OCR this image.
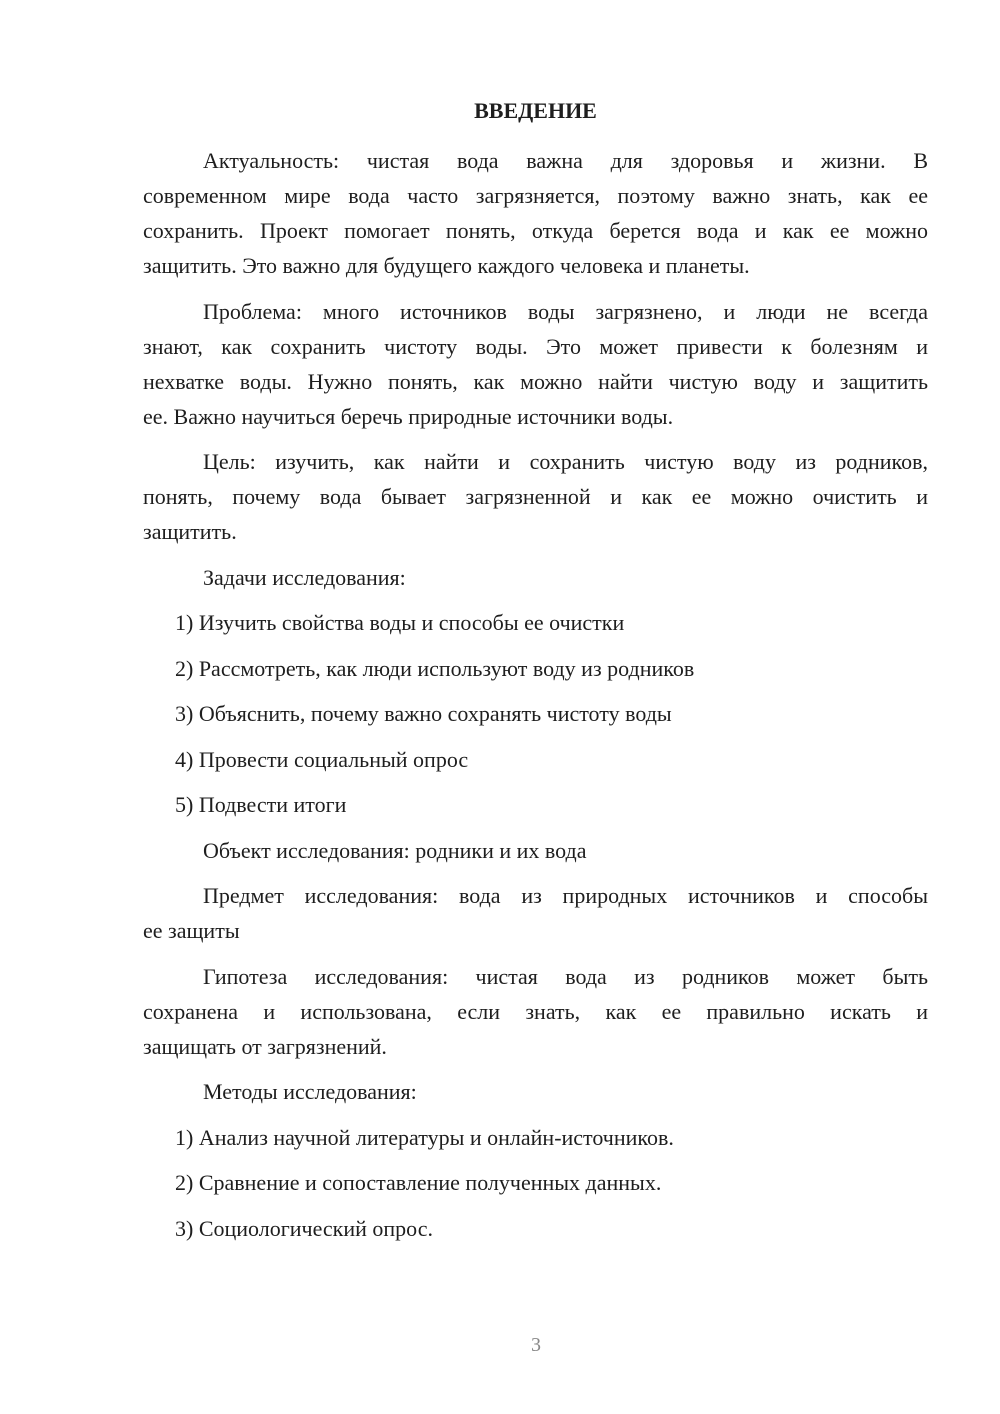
ВВЕДЕНИЕ
Актуальность: чистая вода важна для здоровья и жизни. В
современном мире вода часто загрязняется, поэтому важно знать, как ее
сохранить. Проект помогает понять, откуда берется вода и как ее можно
защитить. Это важно для будущего каждого человека и планеты.
Проблема: много источников воды загрязнено, и люди не всегда
знают, как сохранить чистоту воды. Это может привести к болезням и
нехватке воды. Нужно понять, как можно найти чистую воду и защитить
ее. Важно научиться беречь природные источники воды.
Цель: изучить, как найти и сохранить чистую воду из родников,
понять, почему вода бывает загрязненной и как ее можно очистить и
защитить.
Задачи исследования:
1) Изучить свойства воды и способы ее очистки
2) Рассмотреть, как люди используют воду из родников
3) Объяснить, почему важно сохранять чистоту воды
4) Провести социальный опрос
5) Подвести итоги
Объект исследования: родники и их вода
Предмет исследования: вода из природных источников и способы
ее защиты
Гипотеза исследования: чистая вода из родников может быть
сохранена и использована, если знать, как ее правильно искать и
защищать от загрязнений.
Методы исследования:
1) Анализ научной литературы и онлайн-источников.
2) Сравнение и сопоставление полученных данных.
3) Социологический опрос.
3
